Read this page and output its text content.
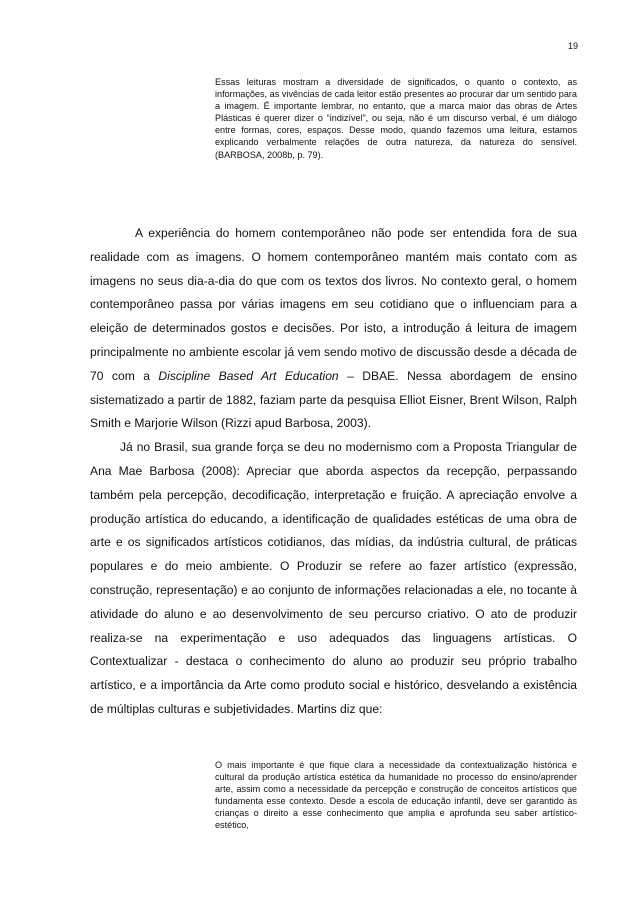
19
Essas leituras mostram a diversidade de significados, o quanto o contexto, as informações, as vivências de cada leitor estão presentes ao procurar dar um sentido para a imagem. É importante lembrar, no entanto, que a marca maior das obras de Artes Plásticas é querer dizer o “indizível”, ou seja, não é um discurso verbal, é um diálogo entre formas, cores, espaços. Desse modo, quando fazemos uma leitura, estamos explicando verbalmente relações de outra natureza, da natureza do sensível. (BARBOSA, 2008b, p. 79).

A experiência do homem contemporâneo não pode ser entendida fora de sua realidade com as imagens. O homem contemporâneo mantém mais contato com as imagens no seus dia-a-dia do que com os textos dos livros. No contexto geral, o homem contemporâneo passa por várias imagens em seu cotidiano que o influenciam para a eleição de determinados gostos e decisões. Por isto, a introdução á leitura de imagem principalmente no ambiente escolar já vem sendo motivo de discussão desde a década de 70 com a Discipline Based Art Education – DBAE. Nessa abordagem de ensino sistematizado a partir de 1882, faziam parte da pesquisa Elliot Eisner, Brent Wilson, Ralph Smith e Marjorie Wilson (Rizzi apud Barbosa, 2003).

Já no Brasil, sua grande força se deu no modernismo com a Proposta Triangular de Ana Mae Barbosa (2008): Apreciar que aborda aspectos da recepção, perpassando também pela percepção, decodificação, interpretação e fruição. A apreciação envolve a produção artística do educando, a identificação de qualidades estéticas de uma obra de arte e os significados artísticos cotidianos, das mídias, da indústria cultural, de práticas populares e do meio ambiente. O Produzir se refere ao fazer artístico (expressão, construção, representação) e ao conjunto de informações relacionadas a ele, no tocante à atividade do aluno e ao desenvolvimento de seu percurso criativo. O ato de produzir realiza-se na experimentação e uso adequados das linguagens artísticas. O Contextualizar - destaca o conhecimento do aluno ao produzir seu próprio trabalho artístico, e a importância da Arte como produto social e histórico, desvelando a existência de múltiplas culturas e subjetividades. Martins diz que:

O mais importante é que fique clara a necessidade da contextualização histórica e cultural da produção artística estética da humanidade no processo do ensino/aprender arte, assim como a necessidade da percepção e construção de conceitos artísticos que fundamenta esse contexto. Desde a escola de educação infantil, deve ser garantido às crianças o direito a esse conhecimento que amplia e aprofunda seu saber artístico-estético,
